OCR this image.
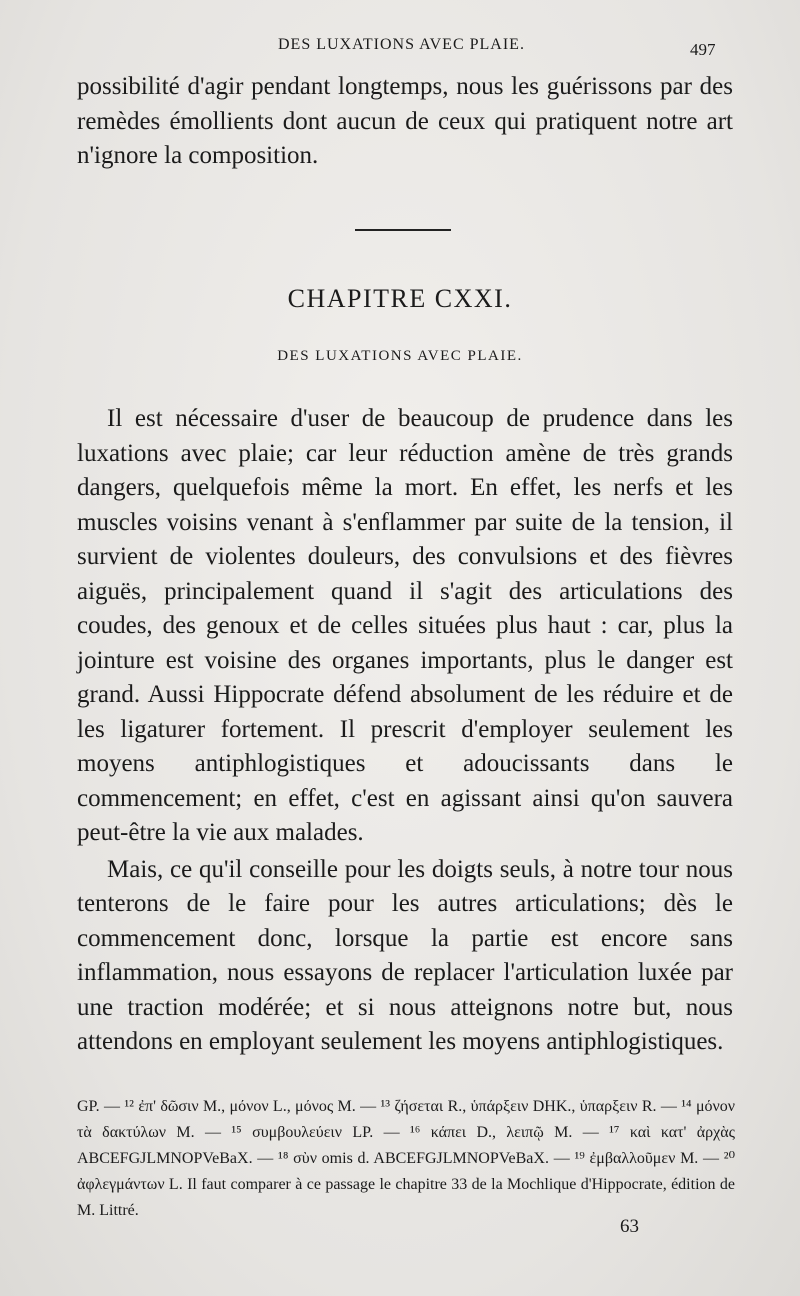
DES LUXATIONS AVEC PLAIE.	497

possibilité d'agir pendant longtemps, nous les guérissons par des remèdes émollients dont aucun de ceux qui pratiquent notre art n'ignore la composition.

CHAPITRE CXXI.
DES LUXATIONS AVEC PLAIE.

Il est nécessaire d'user de beaucoup de prudence dans les luxations avec plaie; car leur réduction amène de très grands dangers, quelquefois même la mort. En effet, les nerfs et les muscles voisins venant à s'enflammer par suite de la tension, il survient de violentes douleurs, des convulsions et des fièvres aiguës, principalement quand il s'agit des articulations des coudes, des genoux et de celles situées plus haut : car, plus la jointure est voisine des organes importants, plus le danger est grand. Aussi Hippocrate défend absolument de les réduire et de les ligaturer fortement. Il prescrit d'employer seulement les moyens antiphlogistiques et adoucissants dans le commencement; en effet, c'est en agissant ainsi qu'on sauvera peut-être la vie aux malades.

Mais, ce qu'il conseille pour les doigts seuls, à notre tour nous tenterons de le faire pour les autres articulations; dès le commencement donc, lorsque la partie est encore sans inflammation, nous essayons de replacer l'articulation luxée par une traction modérée; et si nous atteignons notre but, nous attendons en employant seulement les moyens antiphlogistiques.

GP. — ¹² ἐπ' δῶσιν M., μόνον L., μόνος M. — ¹³ ζήσεται R., ὑπάρξειν DHK., ὑπαρξειν R. — ¹⁴ μόνον τὰ δακτύλων M. — ¹⁵ συμβουλεύειν LP. — ¹⁶ κάπει D., λειπῷ M. — ¹⁷ καὶ κατ' ἀρχὰς ABCEFGJLMNOPVeBaX. — ¹⁸ σὺν omis d. ABCEFGJLMNOPVeBaX. — ¹⁹ ἐμβαλλοῦμεν M. — ²⁰ ἀφλεγμάντων L. Il faut comparer à ce passage le chapitre 33 de la Mochlique d'Hippocrate, édition de M. Littré.

63
